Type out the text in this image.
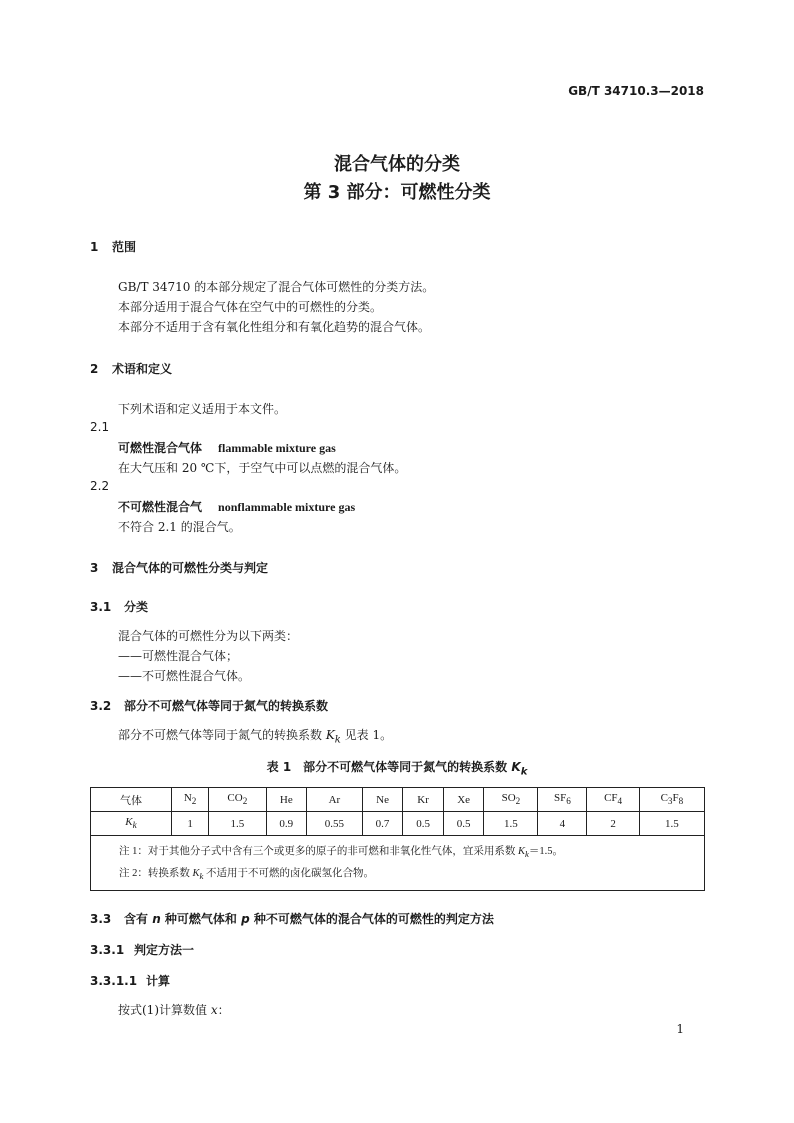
GB/T 34710.3—2018
混合气体的分类
第 3 部分：可燃性分类
1 范围
GB/T 34710 的本部分规定了混合气体可燃性的分类方法。
本部分适用于混合气体在空气中的可燃性的分类。
本部分不适用于含有氧化性组分和有氧化趋势的混合气体。
2 术语和定义
下列术语和定义适用于本文件。
2.1
可燃性混合气体 flammable mixture gas
在大气压和 20 ℃下，于空气中可以点燃的混合气体。
2.2
不可燃性混合气 nonflammable mixture gas
不符合 2.1 的混合气。
3 混合气体的可燃性分类与判定
3.1 分类
混合气体的可燃性分为以下两类：
——可燃性混合气体；
——不可燃性混合气体。
3.2 部分不可燃气体等同于氮气的转换系数
部分不可燃气体等同于氮气的转换系数 $K_k$ 见表 1。
表 1　部分不可燃气体等同于氮气的转换系数 $K_k$
气体	$N_2$	$CO_2$	He	Ar	Ne	Kr	Xe	$SO_2$	$SF_6$	$CF_4$	$C_3F_8$
$K_k$	1	1.5	0.9	0.55	0.7	0.5	0.5	1.5	4	2	1.5

注 1：对于其他分子式中含有三个或更多的原子的非可燃和非氧化性气体，宜采用系数 $K_k=1.5$。
注 2：转换系数 $K_k$ 不适用于不可燃的卤化碳氢化合物。											
3.3 含有 n 种可燃气体和 p 种不可燃气体的混合气体的可燃性的判定方法
3.3.1 判定方法一
3.3.1.1 计算
按式(1)计算数值 x：
1
